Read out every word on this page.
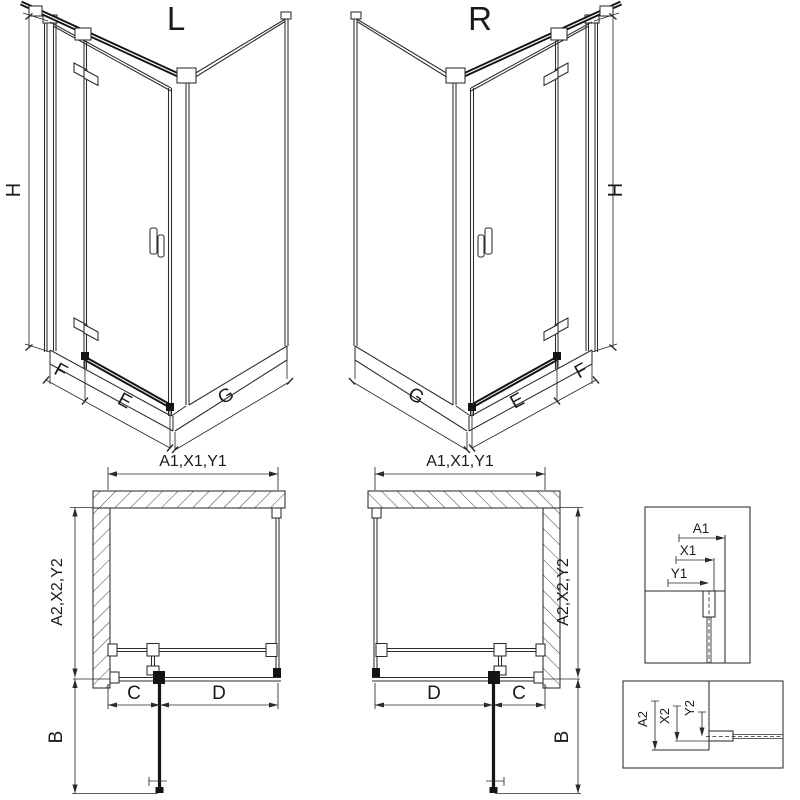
L
H
F
E	G
R
H
F
E
G
A1,X1,Y1
A2,X2,Y2
B
C	D
A1,X1,Y1
A2,X2,Y2
B
D	C
A1
X1
Y1
A2 X2
Y2
